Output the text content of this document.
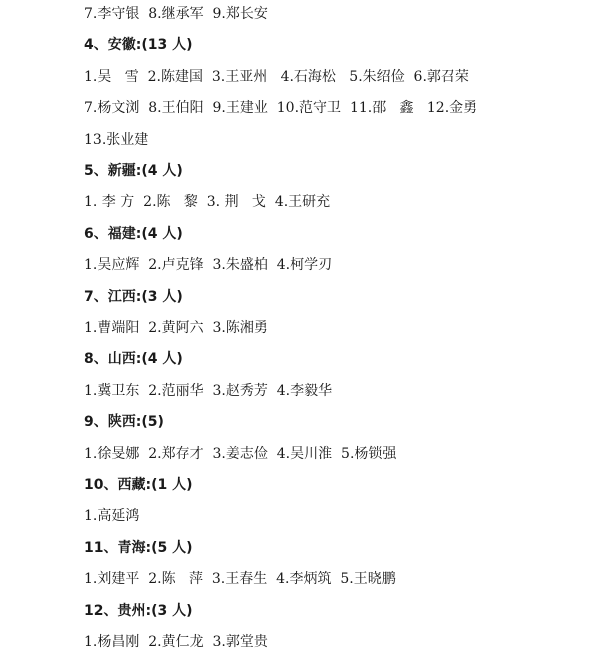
7.李守银  8.继承军  9.郑长安
4、安徽:(13 人)
1.吴   雪  2.陈建国  3.王亚州   4.石海松   5.朱绍俭  6.郭召荣
7.杨文浏  8.王伯阳  9.王建业  10.范守卫  11.邵   鑫   12.金勇
13.张业建
5、新疆:(4 人)
1. 李 方  2.陈   黎  3. 荆   戈  4.王研充
6、福建:(4 人)
1.吴应辉  2.卢克锋  3.朱盛柏  4.柯学刃
7、江西:(3 人)
1.曹端阳  2.黄阿六  3.陈湘勇
8、山西:(4 人)
1.冀卫东  2.范丽华  3.赵秀芳  4.李毅华
9、陕西:(5)
1.徐旻娜  2.郑存才  3.姜志俭  4.吴川淮  5.杨锁强
10、西藏:(1 人)
1.高延鸿
11、青海:(5 人)
1.刘建平  2.陈   萍  3.王春生  4.李炳筑  5.王晓鹏
12、贵州:(3 人)
1.杨昌刚  2.黄仁龙  3.郭堂贵
